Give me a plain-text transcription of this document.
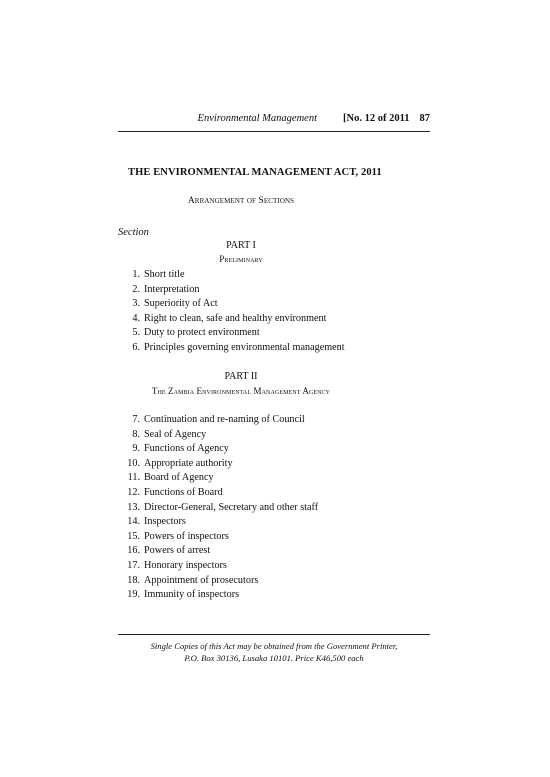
Environmental Management [No. 12 of 2011 87
THE ENVIRONMENTAL MANAGEMENT ACT, 2011
Arrangement of Sections
Section
PART I
Preliminary
1. Short title
2. Interpretation
3. Superiority of Act
4. Right to clean, safe and healthy environment
5. Duty to protect environment
6. Principles governing environmental management
PART II
The Zambia Environmental Management Agency
7. Continuation and re-naming of Council
8. Seal of Agency
9. Functions of Agency
10. Appropriate authority
11. Board of Agency
12. Functions of Board
13. Director-General, Secretary and other staff
14. Inspectors
15. Powers of inspectors
16. Powers of arrest
17. Honorary inspectors
18. Appointment of prosecutors
19. Immunity of inspectors
Single Copies of this Act may be obtained from the Government Printer,
P.O. Box 30136, Lusaka 10101. Price K46,500 each
